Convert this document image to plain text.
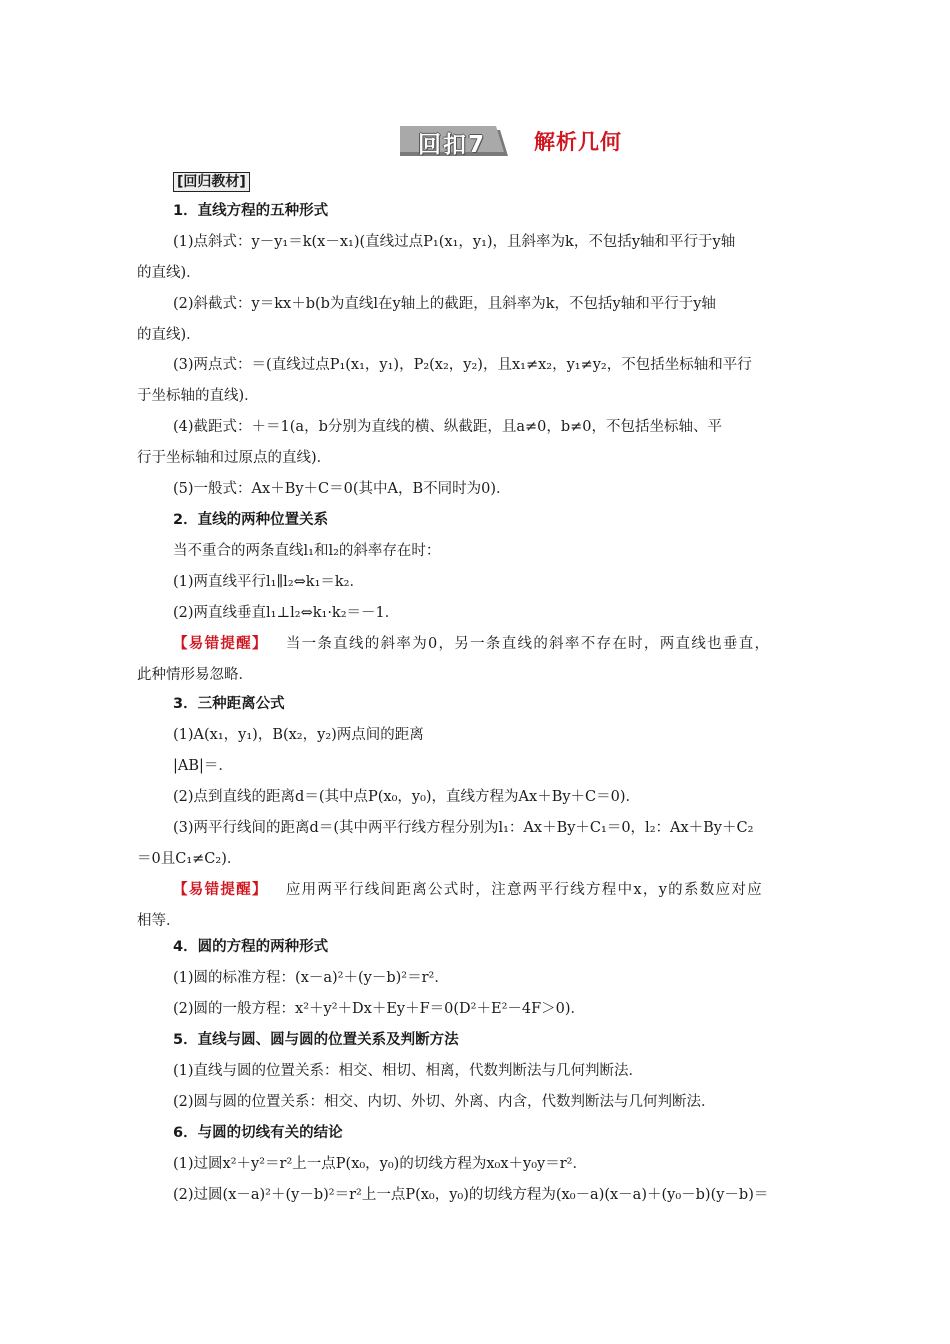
回扣7	解析几何
[回归教材]
1．直线方程的五种形式
(1)点斜式：y－y₁＝k(x－x₁)(直线过点P₁(x₁，y₁)，且斜率为k，不包括y轴和平行于y轴
的直线)．
(2)斜截式：y＝kx＋b(b为直线l在y轴上的截距，且斜率为k，不包括y轴和平行于y轴
的直线)．
(3)两点式：＝(直线过点P₁(x₁，y₁)，P₂(x₂，y₂)，且x₁≠x₂，y₁≠y₂，不包括坐标轴和平行
于坐标轴的直线)．
(4)截距式：＋＝1(a，b分别为直线的横、纵截距，且a≠0，b≠0，不包括坐标轴、平
行于坐标轴和过原点的直线)．
(5)一般式：Ax＋By＋C＝0(其中A，B不同时为0)．
2．直线的两种位置关系
当不重合的两条直线l₁和l₂的斜率存在时：
(1)两直线平行l₁∥l₂⇔k₁＝k₂．
(2)两直线垂直l₁⊥l₂⇔k₁·k₂＝－1．
【易错提醒】 当一条直线的斜率为0，另一条直线的斜率不存在时，两直线也垂直，
此种情形易忽略．
3．三种距离公式
(1)A(x₁，y₁)，B(x₂，y₂)两点间的距离
|AB|＝．
(2)点到直线的距离d＝(其中点P(x₀，y₀)，直线方程为Ax＋By＋C＝0)．
(3)两平行线间的距离d＝(其中两平行线方程分别为l₁：Ax＋By＋C₁＝0，l₂：Ax＋By＋C₂
＝0且C₁≠C₂)．
【易错提醒】 应用两平行线间距离公式时，注意两平行线方程中x，y的系数应对应
相等．
4．圆的方程的两种形式
(1)圆的标准方程：(x－a)²＋(y－b)²＝r²．
(2)圆的一般方程：x²＋y²＋Dx＋Ey＋F＝0(D²＋E²－4F＞0)．
5．直线与圆、圆与圆的位置关系及判断方法
(1)直线与圆的位置关系：相交、相切、相离，代数判断法与几何判断法．
(2)圆与圆的位置关系：相交、内切、外切、外离、内含，代数判断法与几何判断法．
6．与圆的切线有关的结论
(1)过圆x²＋y²＝r²上一点P(x₀，y₀)的切线方程为x₀x＋y₀y＝r²．
(2)过圆(x－a)²＋(y－b)²＝r²上一点P(x₀，y₀)的切线方程为(x₀－a)(x－a)＋(y₀－b)(y－b)＝
